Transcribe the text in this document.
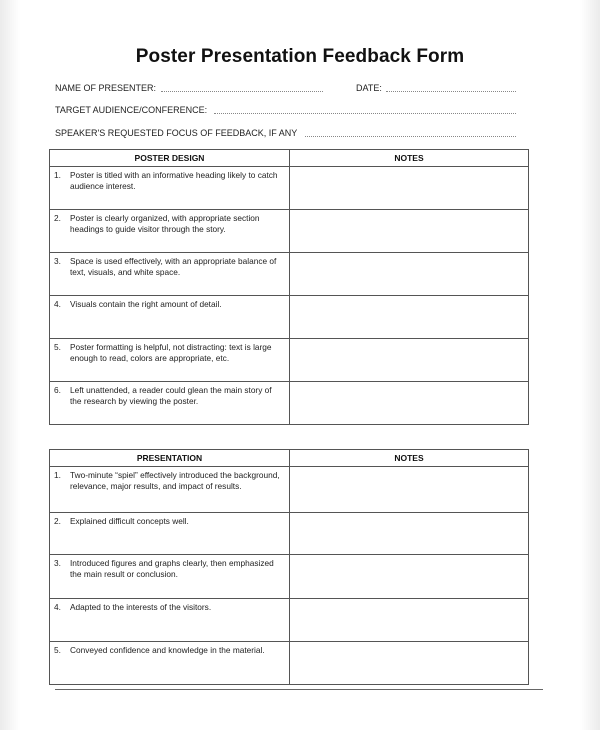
Poster Presentation Feedback Form
NAME OF PRESENTER:	DATE:
TARGET AUDIENCE/CONFERENCE:
SPEAKER'S REQUESTED FOCUS OF FEEDBACK, IF ANY
POSTER DESIGN	NOTES

1. Poster is titled with an informative heading likely to catch audience interest.	

2. Poster is clearly organized, with appropriate section headings to guide visitor through the story.	

3. Space is used effectively, with an appropriate balance of text, visuals, and white space.	

4. Visuals contain the right amount of detail.	

5. Poster formatting is helpful, not distracting: text is large enough to read, colors are appropriate, etc.	

6. Left unattended, a reader could glean the main story of the research by viewing the poster.	

PRESENTATION	NOTES

1. Two-minute “spiel” effectively introduced the background, relevance, major results, and impact of results.	

2. Explained difficult concepts well.	

3. Introduced figures and graphs clearly, then emphasized the main result or conclusion.	

4. Adapted to the interests of the visitors.	

5. Conveyed confidence and knowledge in the material.	
